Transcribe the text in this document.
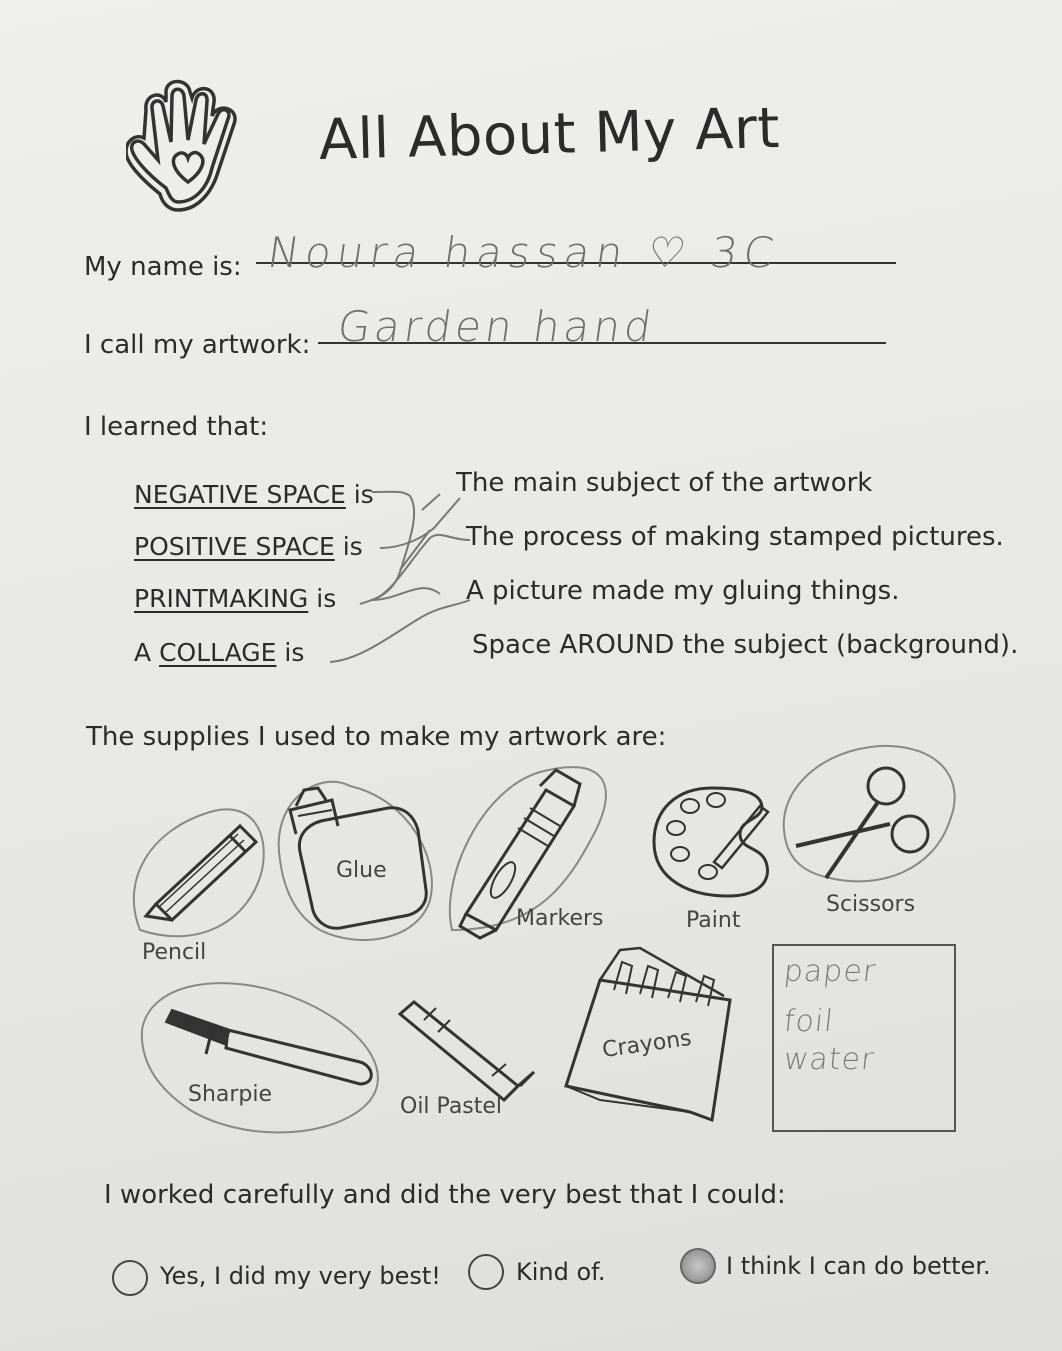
All About My Art
My name is: Noura hassan ♡ 3C
I call my artwork: Garden hand
I learned that:
NEGATIVE SPACE is
POSITIVE SPACE is
PRINTMAKING is
A COLLAGE is
The main subject of the artwork
The process of making stamped pictures.
A picture made my gluing things.
Space AROUND the subject (background).
The supplies I used to make my artwork are:
Pencil
Glue
Markers	Paint
Scissors
Sharpie	Oil Pastel
Crayons
paper
foil
water
I worked carefully and did the very best that I could:
Yes, I did my very best!	Kind of.	I think I can do better.
